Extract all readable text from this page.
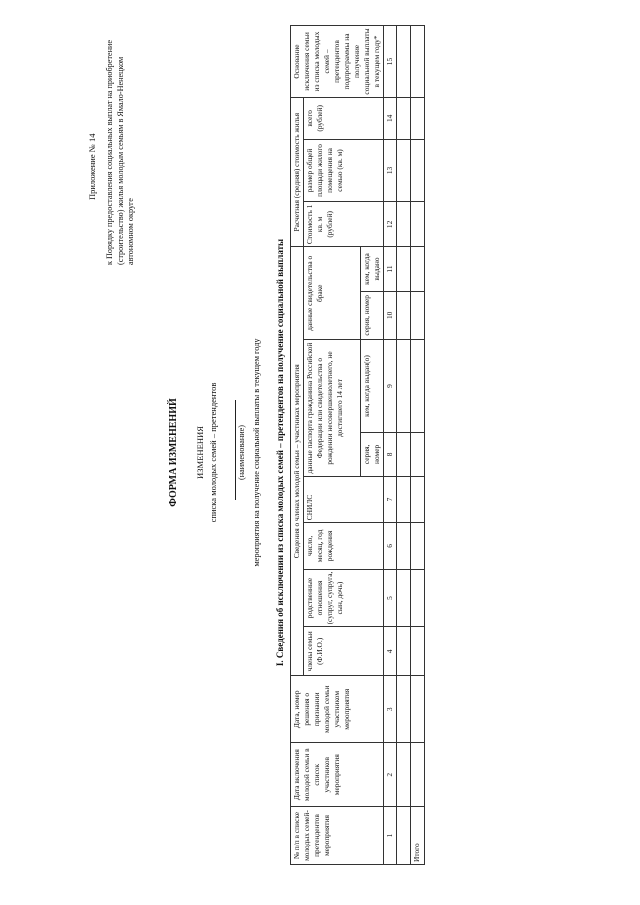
Приложение № 14 к Порядку предоставления социальных выплат на приобретение (строительство) жилья молодым семьям в Ямало-Ненецком автономном округе
ФОРМА ИЗМЕНЕНИЙ ИЗМЕНЕНИЯ списка молодых семей – претендентов (наименование) мероприятия на получение социальной выплаты в текущем году I. Сведения об исключении из списка молодых семей – претендентов на получение социальной выплаты
№ п/п в списке молодых семей-претендентов мероприятия	Дата включения молодой семьи в список участников мероприятия	Дата, номер решения о признании молодой семьи участником мероприятия	Сведения о членах молодой семьи – участниках мероприятия								Расчетная (средняя) стоимость жилья			Основание исключения семьи из списка молодых семей – претендентов подпрограммы на получение социальной выплаты в текущем году*
			члены семьи (Ф.И.О.)	родственные отношения (супруг, супруга, сын, дочь)	число, месяц, год рождения	СНИЛС	данные паспорта гражданина Российской Федерации или свидетельства о рождении несовершеннолетнего, не достигшего 14 лет		данные свидетельства о браке		Стоимость 1 кв. м (рублей)	размер общей площади жилого помещения на семью (кв. м)	всего (рублей)	
							серия, номер	кем, когда выдан(о)	серия, номер	кем, когда выдано				
1	2	3	4	5	6	7	8	9	10	11	12	13	14	15

Итого														
